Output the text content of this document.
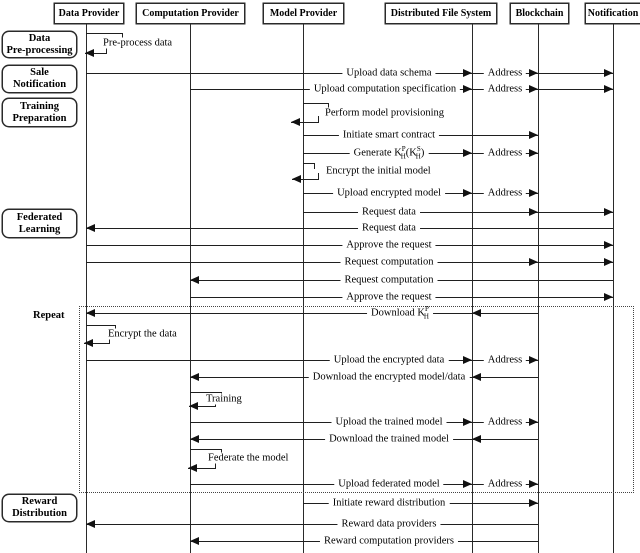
Repeat
Data Provider	Computation Provider	Model Provider	Distributed File System	Blockchain	Notification
Data
Pre-processing
Sale
Notification
Training
Preparation
Federated
Learning
Reward
Distribution
Upload data schema	Address
Upload computation specification	Address
Initiate smart contract
Generate $K^P_H(K^S_H)$	Address
Upload encrypted model	Address
Request data
Request data
Approve the request
Request computation
Request computation
Approve the request
Download $K^P_H$
Upload the encrypted data	Address
Download the encrypted model/data
Upload the trained model	Address
Download the trained model
Upload federated model	Address
Initiate reward distribution
Reward data providers
Reward computation providers
Pre-process data
Perform model provisioning
Encrypt the initial model
Encrypt the data
Training
Federate the model
